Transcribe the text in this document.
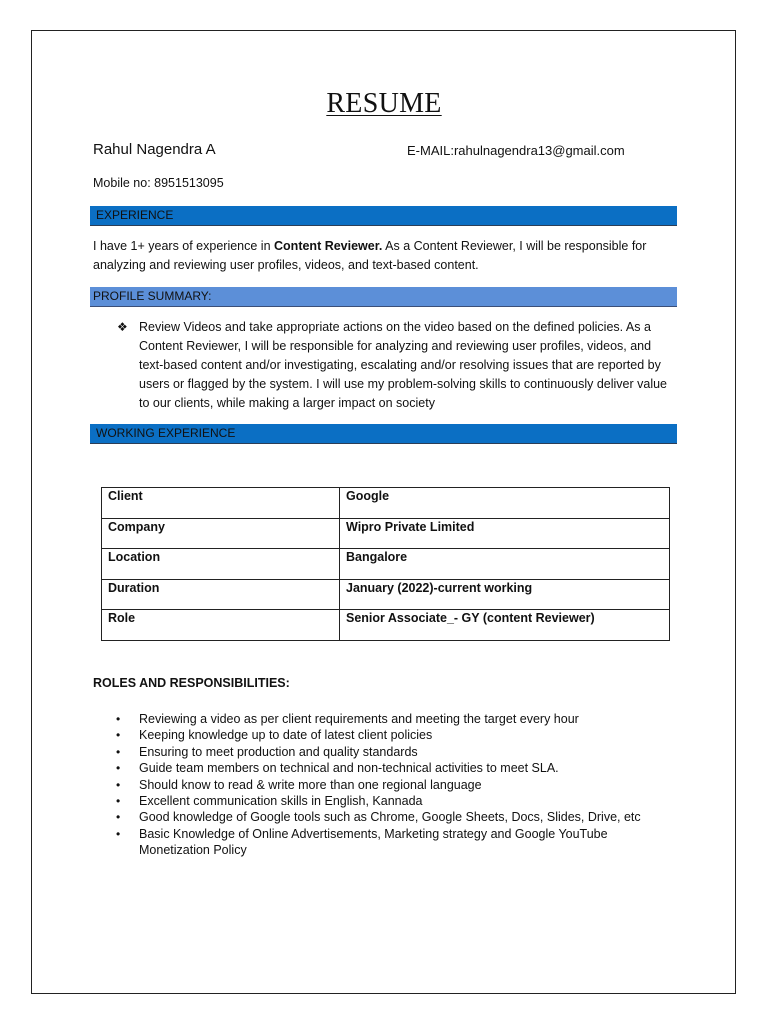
RESUME
Rahul Nagendra A	E-MAIL:rahulnagendra13@gmail.com
Mobile no: 8951513095
EXPERIENCE
I have 1+ years of experience in Content Reviewer. As a Content Reviewer, I will be responsible for analyzing and reviewing user profiles, videos, and text-based content.
PROFILE SUMMARY:
❖ Review Videos and take appropriate actions on the video based on the defined policies. As a Content Reviewer, I will be responsible for analyzing and reviewing user profiles, videos, and text-based content and/or investigating, escalating and/or resolving issues that are reported by users or flagged by the system. I will use my problem-solving skills to continuously deliver value to our clients, while making a larger impact on society
WORKING EXPERIENCE
Client	Google
Company	Wipro Private Limited
Location	Bangalore
Duration	January (2022)-current working
Role	Senior Associate_- GY (content Reviewer)
ROLES AND RESPONSIBILITIES:
• Reviewing a video as per client requirements and meeting the target every hour
• Keeping knowledge up to date of latest client policies
• Ensuring to meet production and quality standards
• Guide team members on technical and non-technical activities to meet SLA.
• Should know to read & write more than one regional language
• Excellent communication skills in English, Kannada
• Good knowledge of Google tools such as Chrome, Google Sheets, Docs, Slides, Drive, etc
• Basic Knowledge of Online Advertisements, Marketing strategy and Google YouTube Monetization Policy
